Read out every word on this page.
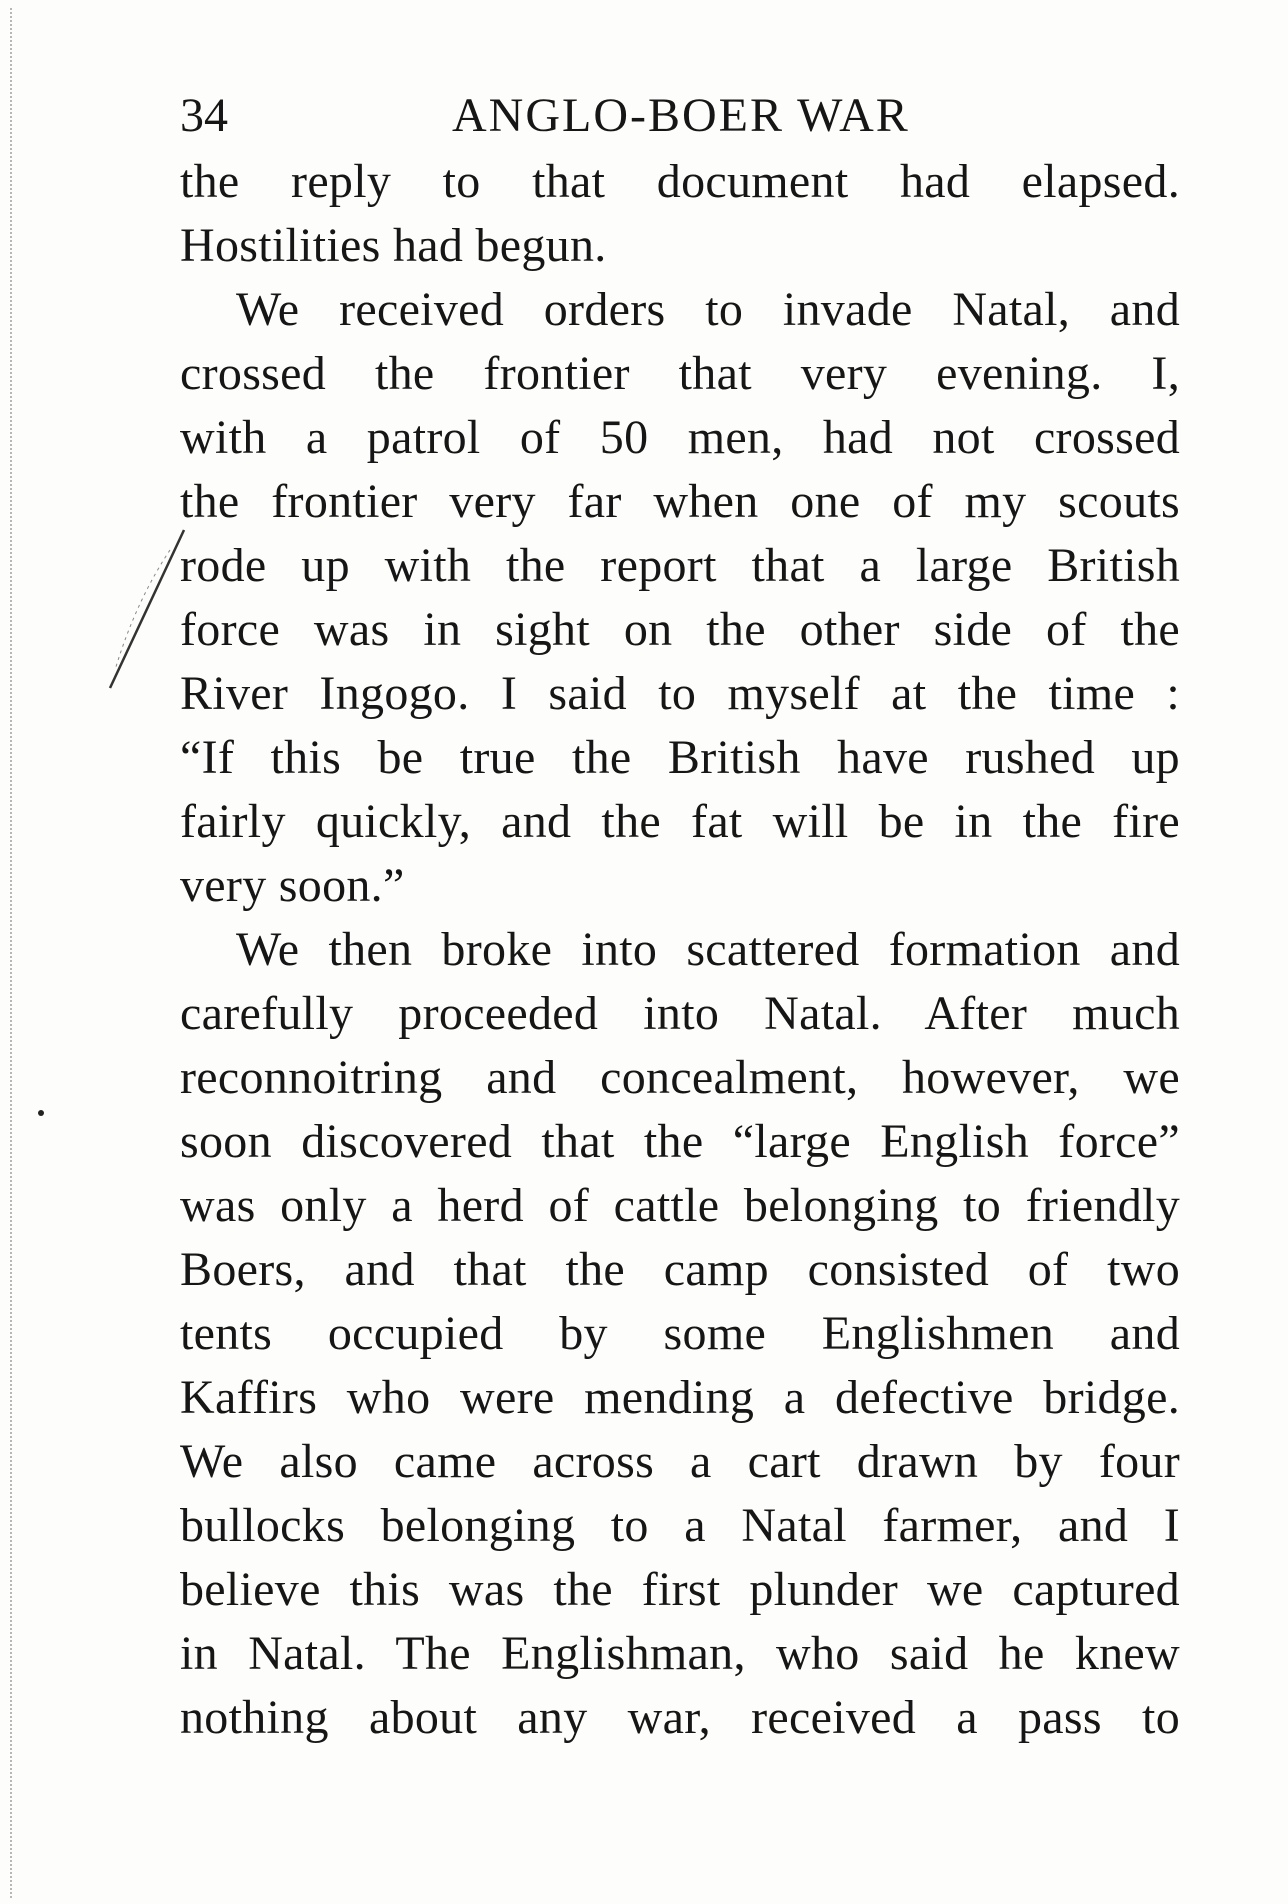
34	ANGLO-BOER WAR
the reply to that document had elapsed.
Hostilities had begun.
We received orders to invade Natal, and
crossed the frontier that very evening. I,
with a patrol of 50 men, had not crossed
the frontier very far when one of my scouts
rode up with the report that a large British
force was in sight on the other side of the
River Ingogo. I said to myself at the time :
“If this be true the British have rushed up
fairly quickly, and the fat will be in the fire
very soon.”
We then broke into scattered formation and
carefully proceeded into Natal. After much
reconnoitring and concealment, however, we
soon discovered that the “large English force”
was only a herd of cattle belonging to friendly
Boers, and that the camp consisted of two
tents occupied by some Englishmen and
Kaffirs who were mending a defective bridge.
We also came across a cart drawn by four
bullocks belonging to a Natal farmer, and I
believe this was the first plunder we captured
in Natal. The Englishman, who said he knew
nothing about any war, received a pass to
